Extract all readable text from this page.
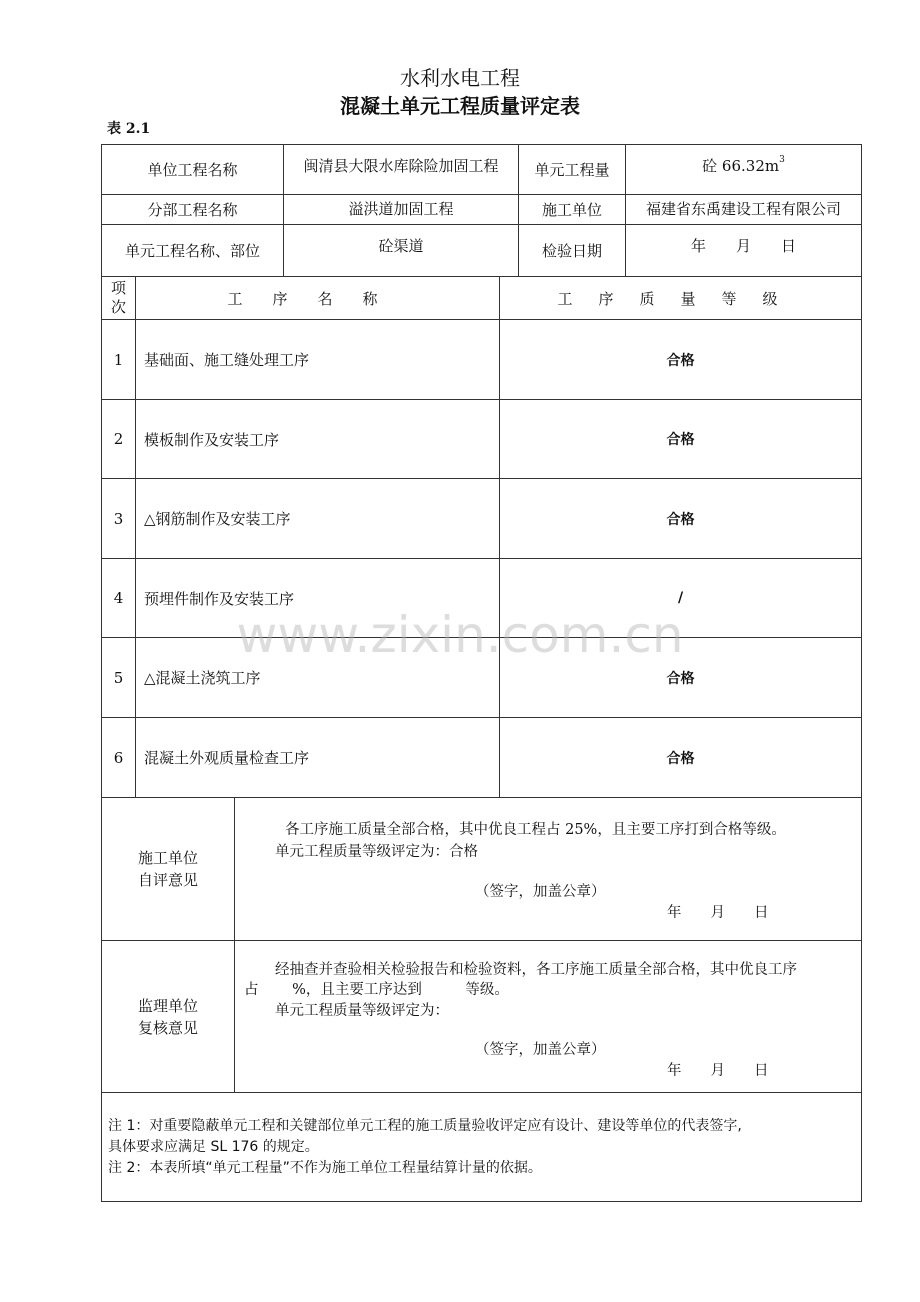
水利水电工程
混凝土单元工程质量评定表
表 2.1
单位工程名称	闽清县大限水库除险加固工程	单元工程量	砼 $66.32m^3$
分部工程名称	溢洪道加固工程	施工单位	福建省东禹建设工程有限公司
单元工程名称、部位	砼渠道	检验日期	年　　月　　日
项次	工序名称	工序质量等级
1	基础面、施工缝处理工序	合格
2	模板制作及安装工序	合格
3	△钢筋制作及安装工序	合格
4	预埋件制作及安装工序	/
5	△混凝土浇筑工序	合格
6	混凝土外观质量检查工序	合格
施工单位
自评意见
各工序施工质量全部合格，其中优良工程占 25%，且主要工序打到合格等级。
单元工程质量等级评定为：合格
（签字，加盖公章）
年　　月　　日
监理单位
复核意见
经抽查并查验相关检验报告和检验资料，各工序施工质量全部合格，其中优良工序
占　　 %，且主要工序达到　　　等级。
单元工程质量等级评定为：
（签字，加盖公章）
年　　月　　日
注 1：对重要隐蔽单元工程和关键部位单元工程的施工质量验收评定应有设计、建设等单位的代表签字,
具体要求应满足 SL 176 的规定。
注 2：本表所填“单元工程量”不作为施工单位工程量结算计量的依据。
www.zixin.com.cn
